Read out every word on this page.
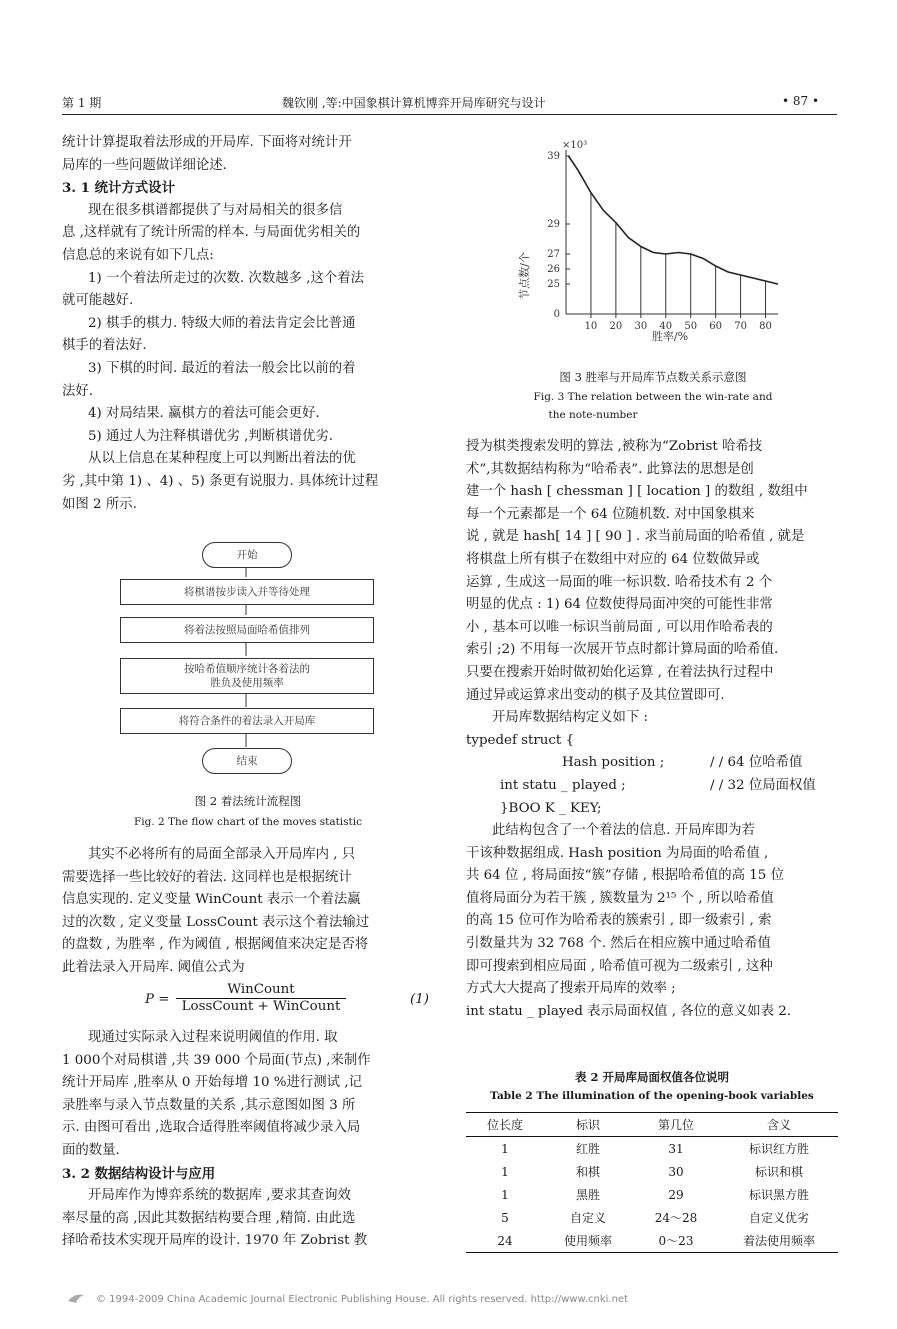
第 1 期	魏钦刚 ,等:中国象棋计算机博弈开局库研究与设计	• 87 •
统计计算提取着法形成的开局库. 下面将对统计开
局库的一些问题做详细论述.
3. 1 统计方式设计
现在很多棋谱都提供了与对局相关的很多信
息 ,这样就有了统计所需的样本. 与局面优劣相关的
信息总的来说有如下几点:
1) 一个着法所走过的次数. 次数越多 ,这个着法
就可能越好.
2) 棋手的棋力. 特级大师的着法肯定会比普通
棋手的着法好.
3) 下棋的时间. 最近的着法一般会比以前的着
法好.
4) 对局结果. 赢棋方的着法可能会更好.
5) 通过人为注释棋谱优劣 ,判断棋谱优劣.
从以上信息在某种程度上可以判断出着法的优
劣 ,其中第 1) 、4) 、5) 条更有说服力. 具体统计过程
如图 2 所示.
开始
将棋谱按步读入并等待处理
将着法按照局面哈希值排列
按哈希值顺序统计各着法的
胜负及使用频率
将符合条件的着法录入开局库
结束
图 2 着法统计流程图
Fig. 2 The flow chart of the moves statistic
其实不必将所有的局面全部录入开局库内 , 只
需要选择一些比较好的着法. 这同样也是根据统计
信息实现的. 定义变量 WinCount 表示一个着法赢
过的次数 , 定义变量 LossCount 表示这个着法输过
的盘数 , 为胜率 , 作为阈值 , 根据阈值来决定是否将
此着法录入开局库. 阈值公式为
P =
WinCount
LossCount + WinCount	(1)
现通过实际录入过程来说明阈值的作用. 取
1 000个对局棋谱 ,共 39 000 个局面(节点) ,来制作
统计开局库 ,胜率从 0 开始每增 10 %进行测试 ,记
录胜率与录入节点数量的关系 ,其示意图如图 3 所
示. 由图可看出 ,选取合适得胜率阈值将减少录入局
面的数量.
3. 2 数据结构设计与应用
开局库作为博弈系统的数据库 ,要求其查询效
率尽量的高 ,因此其数据结构要合理 ,精简. 由此选
择哈希技术实现开局库的设计. 1970 年 Zobrist 教
×10³
节点数/个
胜率/%
0
25
26
27
29
39
10 20 30 40 50 60 70 80
图 3 胜率与开局库节点数关系示意图
Fig. 3 The relation between the win-rate and
the note-number
授为棋类搜索发明的算法 ,被称为“Zobrist 哈希技
术”,其数据结构称为“哈希表”. 此算法的思想是创
建一个 hash [ chessman ] [ location ] 的数组 , 数组中
每一个元素都是一个 64 位随机数. 对中国象棋来
说 , 就是 hash[ 14 ] [ 90 ] . 求当前局面的哈希值 , 就是
将棋盘上所有棋子在数组中对应的 64 位数做异或
运算 , 生成这一局面的唯一标识数. 哈希技术有 2 个
明显的优点 : 1) 64 位数使得局面冲突的可能性非常
小 , 基本可以唯一标识当前局面 , 可以用作哈希表的
索引 ;2) 不用每一次展开节点时都计算局面的哈希值.
只要在搜索开始时做初始化运算 , 在着法执行过程中
通过异或运算求出变动的棋子及其位置即可.
开局库数据结构定义如下 :
typedef struct {
Hash position ;	/ / 64 位哈希值
int statu _ played ;	/ / 32 位局面权值
}BOO K _ KEY;
此结构包含了一个着法的信息. 开局库即为若
干该种数据组成. Hash position 为局面的哈希值 ,
共 64 位 , 将局面按“簇”存储 , 根据哈希值的高 15 位
值将局面分为若干簇 , 簇数量为 2¹⁵ 个 , 所以哈希值
的高 15 位可作为哈希表的簇索引 , 即一级索引 , 索
引数量共为 32 768 个. 然后在相应簇中通过哈希值
即可搜索到相应局面 , 哈希值可视为二级索引 , 这种
方式大大提高了搜索开局库的效率 ;
int statu _ played 表示局面权值 , 各位的意义如表 2.
表 2 开局库局面权值各位说明
Table 2 The illumination of the opening-book variables
位长度	标识	第几位	含义
1	红胜	31	标识红方胜
1	和棋	30	标识和棋
1	黑胜	29	标识黑方胜
5	自定义	24～28	自定义优劣
24	使用频率	0～23	着法使用频率
© 1994-2009 China Academic Journal Electronic Publishing House. All rights reserved. http://www.cnki.net
